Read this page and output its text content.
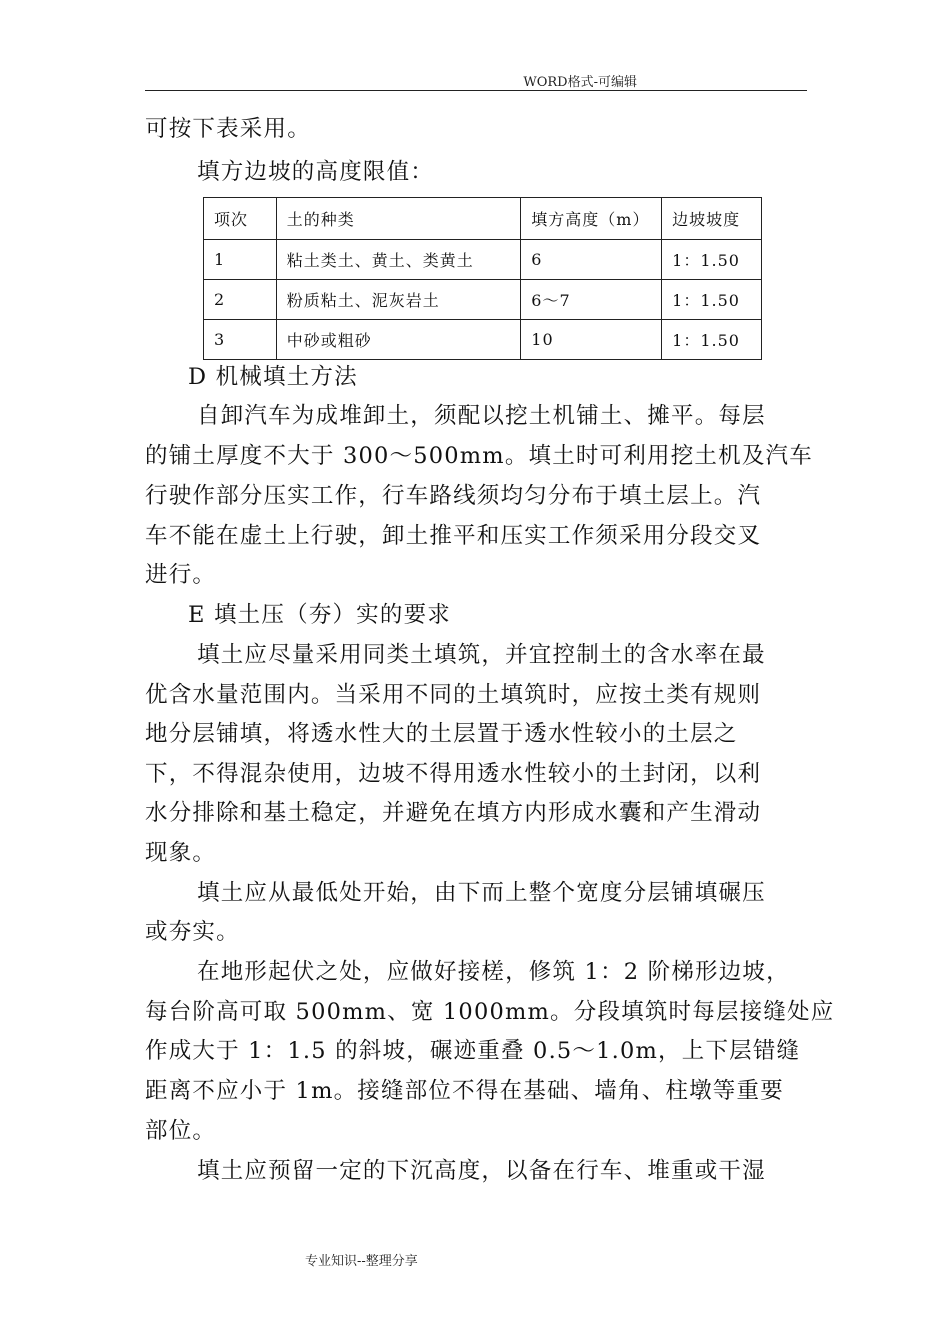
WORD格式-可编辑

可按下表采用。

填方边坡的高度限值：

项次	土的种类	填方高度（m）	边坡坡度
1	粘土类土、黄土、类黄土	6	1：1.50
2	粉质粘土、泥灰岩土	6～7	1：1.50
3	中砂或粗砂	10	1：1.50

D 机械填土方法

自卸汽车为成堆卸土，须配以挖土机铺土、摊平。每层

的铺土厚度不大于 300～500mm。填土时可利用挖土机及汽车

行驶作部分压实工作，行车路线须均匀分布于填土层上。汽

车不能在虚土上行驶，卸土推平和压实工作须采用分段交叉

进行。

E 填土压（夯）实的要求

填土应尽量采用同类土填筑，并宜控制土的含水率在最

优含水量范围内。当采用不同的土填筑时，应按土类有规则

地分层铺填，将透水性大的土层置于透水性较小的土层之

下，不得混杂使用，边坡不得用透水性较小的土封闭，以利

水分排除和基土稳定，并避免在填方内形成水囊和产生滑动

现象。

填土应从最低处开始，由下而上整个宽度分层铺填碾压

或夯实。

在地形起伏之处，应做好接槎，修筑 1：2 阶梯形边坡，

每台阶高可取 500mm、宽 1000mm。分段填筑时每层接缝处应

作成大于 1：1.5 的斜坡，碾迹重叠 0.5～1.0m，上下层错缝

距离不应小于 1m。接缝部位不得在基础、墙角、柱墩等重要

部位。

填土应预留一定的下沉高度，以备在行车、堆重或干湿

专业知识--整理分享
